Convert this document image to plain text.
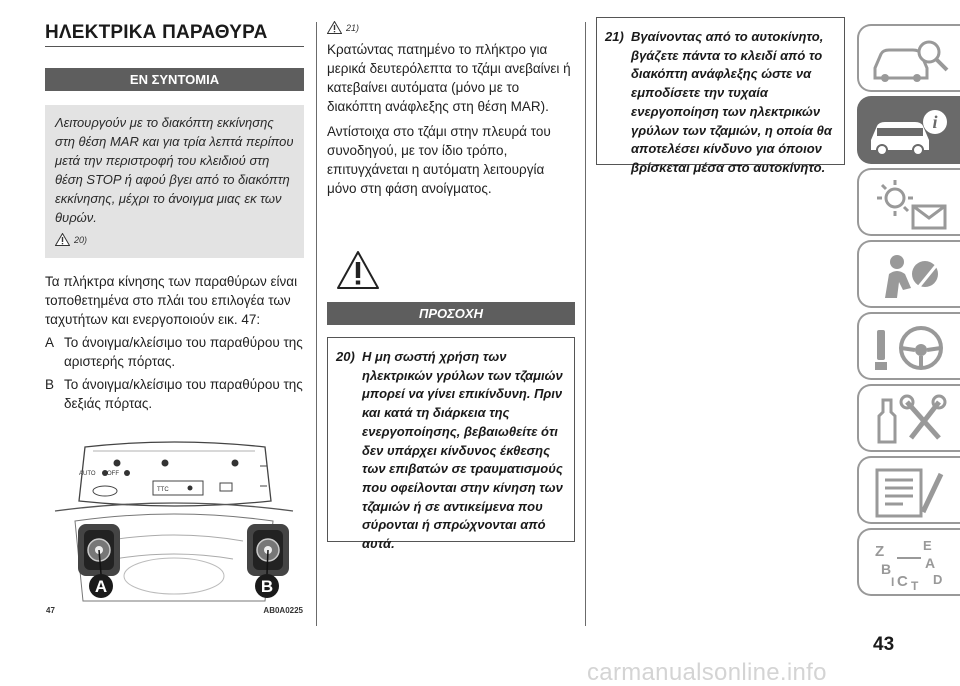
ΗΛΕΚΤΡΙΚΑ ΠΑΡΑΘΥΡΑ
ΕΝ ΣΥΝΤΟΜΙΑ

Λειτουργούν με το διακόπτη εκκίνησης στη θέση MAR και για τρία λεπτά περίπου μετά την περιστροφή του κλειδιού στη θέση STOP ή αφού βγει από το διακόπτη εκκίνησης, μέχρι το άνοιγμα μιας εκ των θυρών.

20)

Τα πλήκτρα κίνησης των παραθύρων είναι τοποθετημένα στο πλάι του επιλογέα των ταχυτήτων και ενεργοποιούν εικ. 47:

A Το άνοιγμα/κλείσιμο του παραθύρου της αριστερής πόρτας.
B Το άνοιγμα/κλείσιμο του παραθύρου της δεξιάς πόρτας.
AUTO OFF
TTC
A	B
47	AB0A0225
21)

Κρατώντας πατημένο το πλήκτρο για μερικά δευτερόλεπτα το τζάμι ανεβαίνει ή κατεβαίνει αυτόματα (μόνο με το διακόπτη ανάφλεξης στη θέση MAR).

Αντίστοιχα στο τζάμι στην πλευρά του συνοδηγού, με τον ίδιο τρόπο, επιτυγχάνεται η αυτόματη λειτουργία μόνο στη φάση ανοίγματος.

20) Η μη σωστή χρήση των ηλεκτρικών γρύλων των τζαμιών μπορεί να γίνει επικίνδυνη. Πριν και κατά τη διάρκεια της ενεργοποίησης, βεβαιωθείτε ότι δεν υπάρχει κίνδυνος έκθεσης των επιβατών σε τραυματισμούς που οφείλονται στην κίνηση των τζαμιών ή σε αντικείμενα που σύρονται ή σπρώχνονται από αυτά.
ΠΡΟΣΟΧΗ
21) Βγαίνοντας από το αυτοκίνητο, βγάζετε πάντα το κλειδί από το διακόπτη ανάφλεξης ώστε να εμποδίσετε την τυχαία ενεργοποίηση των ηλεκτρικών γρύλων των τζαμιών, η οποία θα αποτελέσει κίνδυνο για όποιον βρίσκεται μέσα στο αυτοκίνητο.
i
Z	E
B A
C T D
I
43
carmanualsonline.info
